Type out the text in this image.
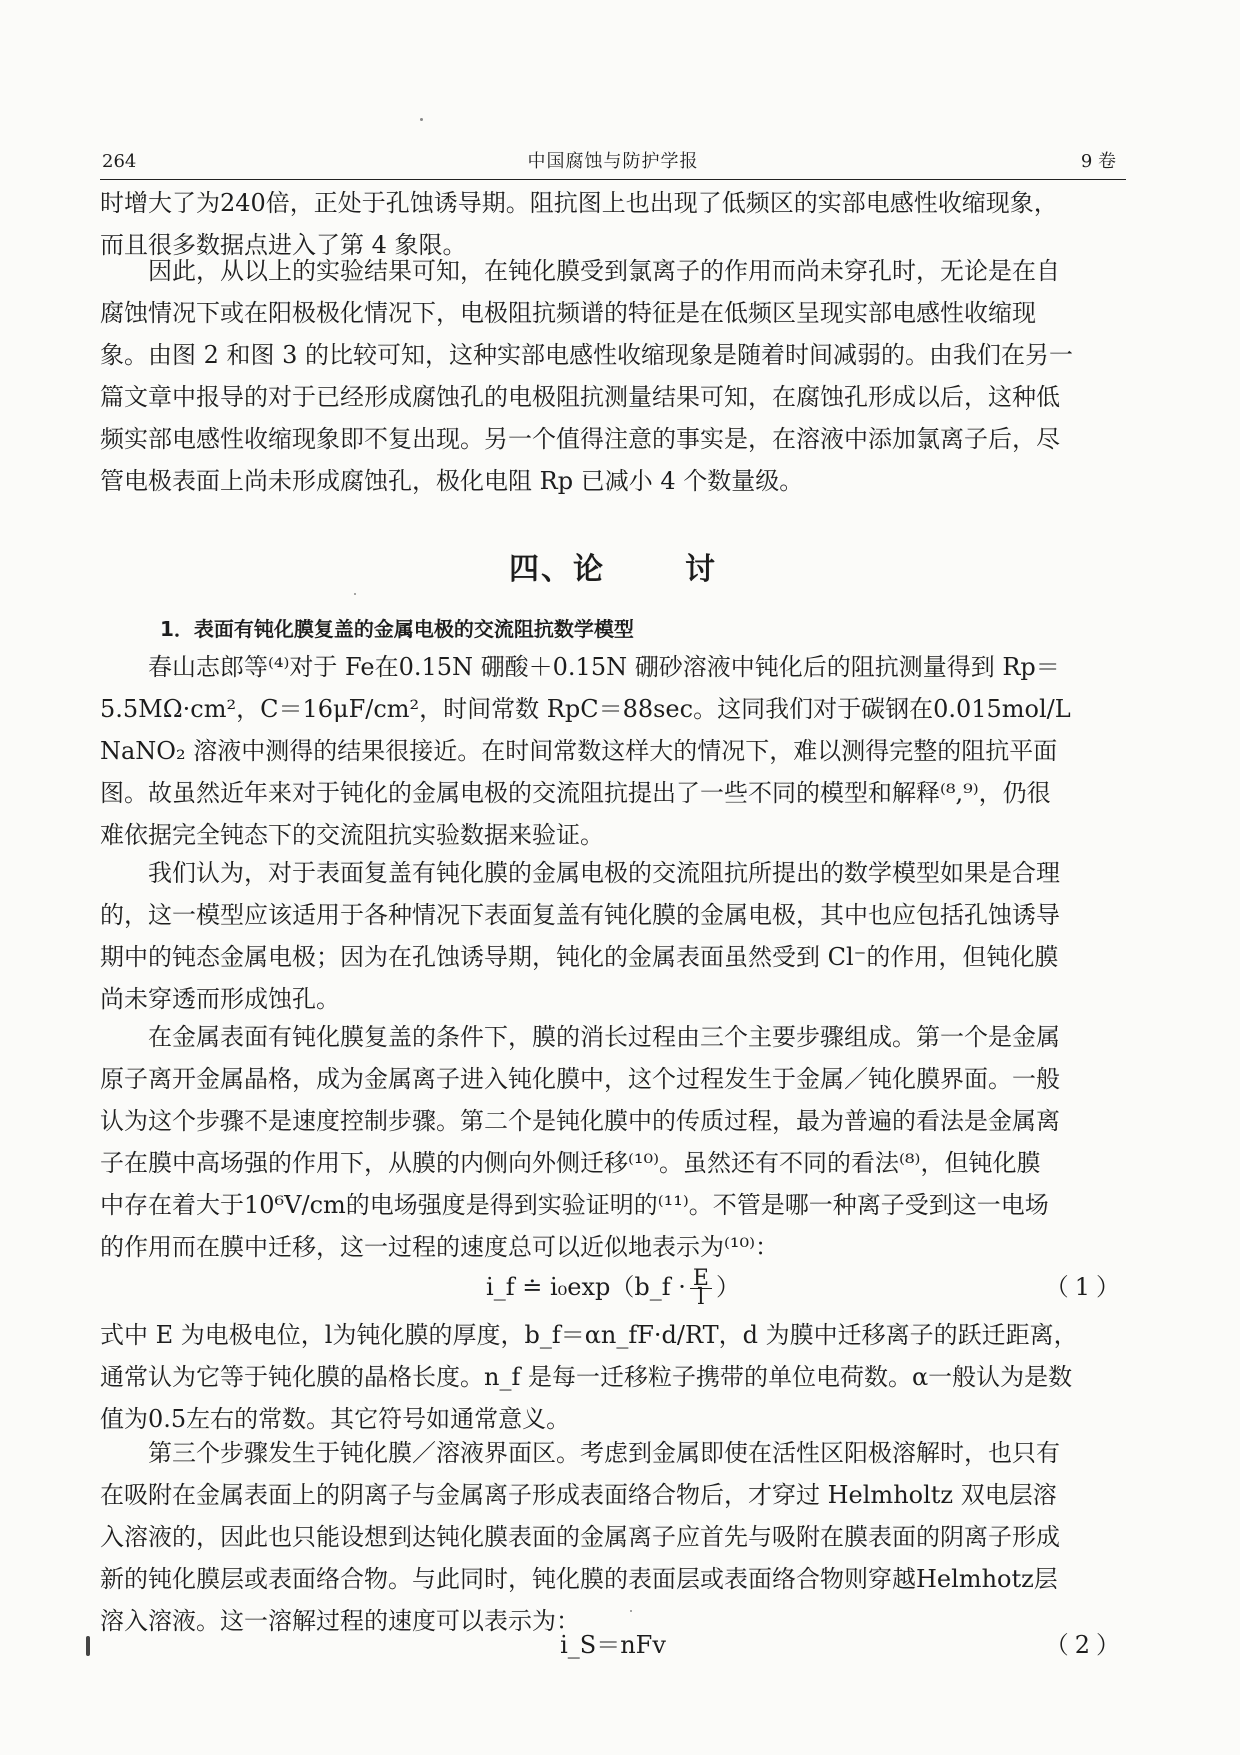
264	中国腐蚀与防护学报	9 卷
时增大了为240倍，正处于孔蚀诱导期。阻抗图上也出现了低频区的实部电感性收缩现象，
而且很多数据点进入了第 4 象限。
因此，从以上的实验结果可知，在钝化膜受到氯离子的作用而尚未穿孔时，无论是在自
腐蚀情况下或在阳极极化情况下，电极阻抗频谱的特征是在低频区呈现实部电感性收缩现
象。由图 2 和图 3 的比较可知，这种实部电感性收缩现象是随着时间减弱的。由我们在另一
篇文章中报导的对于已经形成腐蚀孔的电极阻抗测量结果可知，在腐蚀孔形成以后，这种低
频实部电感性收缩现象即不复出现。另一个值得注意的事实是，在溶液中添加氯离子后，尽
管电极表面上尚未形成腐蚀孔，极化电阻 Rp 已减小 4 个数量级。
四、论	讨
1．表面有钝化膜复盖的金属电极的交流阻抗数学模型
春山志郎等⁽⁴⁾对于 Fe在0.15N 硼酸＋0.15N 硼砂溶液中钝化后的阻抗测量得到 Rp＝
5.5MΩ·cm²，C＝16μF/cm²，时间常数 RpC＝88sec。这同我们对于碳钢在0.015mol/L
NaNO₂ 溶液中测得的结果很接近。在时间常数这样大的情况下，难以测得完整的阻抗平面
图。故虽然近年来对于钝化的金属电极的交流阻抗提出了一些不同的模型和解释⁽⁸,⁹⁾，仍很
难依据完全钝态下的交流阻抗实验数据来验证。
我们认为，对于表面复盖有钝化膜的金属电极的交流阻抗所提出的数学模型如果是合理
的，这一模型应该适用于各种情况下表面复盖有钝化膜的金属电极，其中也应包括孔蚀诱导
期中的钝态金属电极；因为在孔蚀诱导期，钝化的金属表面虽然受到 Cl⁻的作用，但钝化膜
尚未穿透而形成蚀孔。
在金属表面有钝化膜复盖的条件下，膜的消长过程由三个主要步骤组成。第一个是金属
原子离开金属晶格，成为金属离子进入钝化膜中，这个过程发生于金属／钝化膜界面。一般
认为这个步骤不是速度控制步骤。第二个是钝化膜中的传质过程，最为普遍的看法是金属离
子在膜中高场强的作用下，从膜的内侧向外侧迁移⁽¹⁰⁾。虽然还有不同的看法⁽⁸⁾，但钝化膜
中存在着大于10⁶V/cm的电场强度是得到实验证明的⁽¹¹⁾。不管是哪一种离子受到这一电场
的作用而在膜中迁移，这一过程的速度总可以近似地表示为⁽¹⁰⁾：
i_f ≐ i₀exp（b_f · $\frac{E}{l}$ ）	（1）
式中 E 为电极电位，l为钝化膜的厚度，b_f＝αn_fF·d/RT，d 为膜中迁移离子的跃迁距离，
通常认为它等于钝化膜的晶格长度。n_f 是每一迁移粒子携带的单位电荷数。α一般认为是数
值为0.5左右的常数。其它符号如通常意义。
第三个步骤发生于钝化膜／溶液界面区。考虑到金属即使在活性区阳极溶解时，也只有
在吸附在金属表面上的阴离子与金属离子形成表面络合物后，才穿过 Helmholtz 双电层溶
入溶液的，因此也只能设想到达钝化膜表面的金属离子应首先与吸附在膜表面的阴离子形成
新的钝化膜层或表面络合物。与此同时，钝化膜的表面层或表面络合物则穿越Helmhotz层
溶入溶液。这一溶解过程的速度可以表示为：
i_S＝nFv	（2）
